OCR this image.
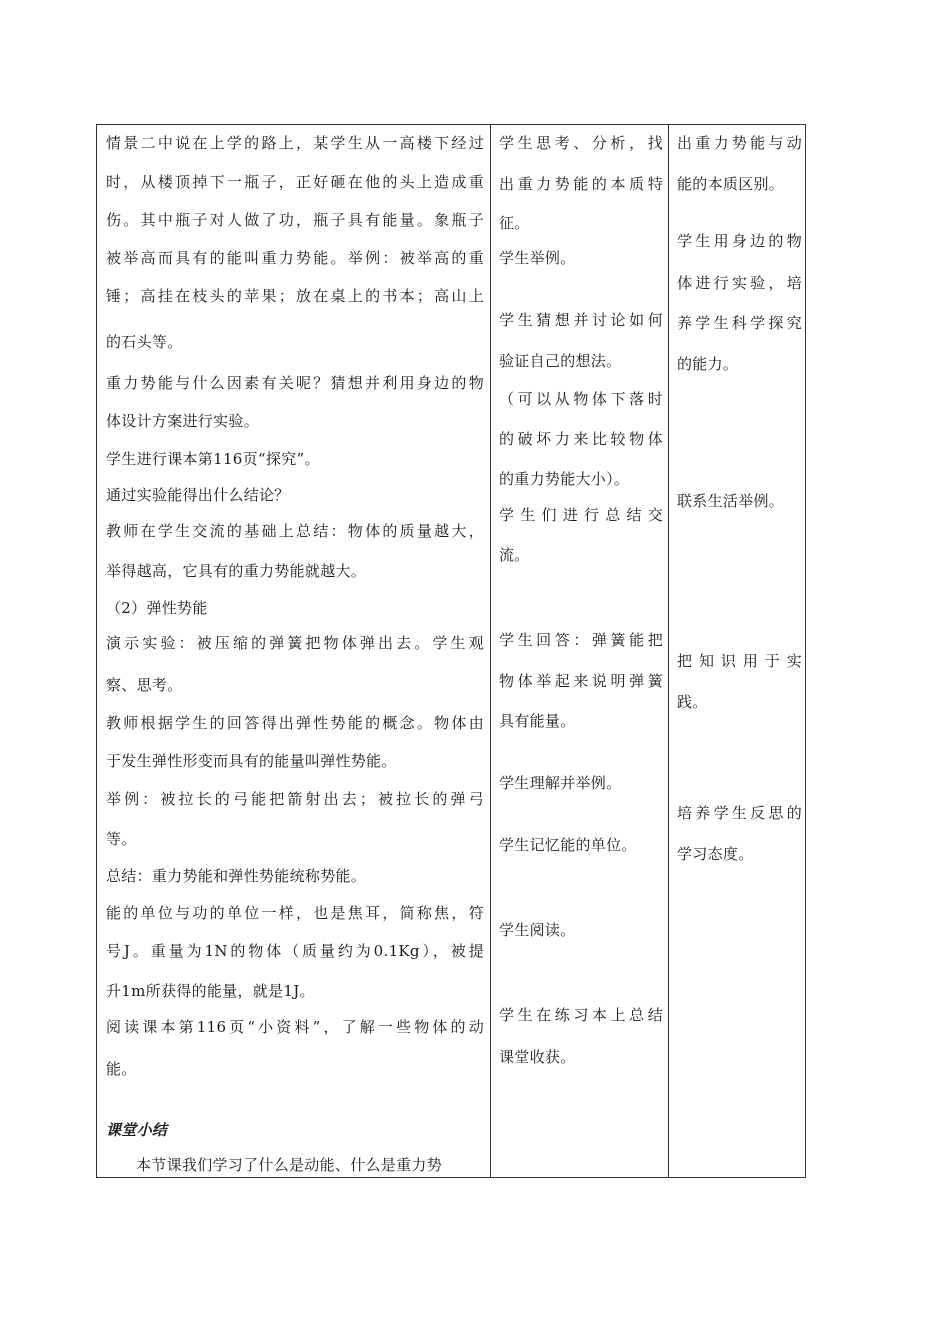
情景二中说在上学的路上，某学生从一高楼下经过

时，从楼顶掉下一瓶子，正好砸在他的头上造成重

伤。其中瓶子对人做了功，瓶子具有能量。象瓶子

被举高而具有的能叫重力势能。举例：被举高的重

锤；高挂在枝头的苹果；放在桌上的书本；高山上

的石头等。

重力势能与什么因素有关呢？猜想并利用身边的物

体设计方案进行实验。

学生进行课本第116页“探究”。

通过实验能得出什么结论？

教师在学生交流的基础上总结：物体的质量越大，

举得越高，它具有的重力势能就越大。

（2）弹性势能

演示实验：被压缩的弹簧把物体弹出去。学生观

察、思考。

教师根据学生的回答得出弹性势能的概念。物体由

于发生弹性形变而具有的能量叫弹性势能。

举例：被拉长的弓能把箭射出去；被拉长的弹弓

等。

总结：重力势能和弹性势能统称势能。

能的单位与功的单位一样，也是焦耳，简称焦，符

号J。重量为1N的物体（质量约为0.1Kg），被提

升1m所获得的能量，就是1J。

阅读课本第116页“小资料”，了解一些物体的动

能。

课堂小结

本节课我们学习了什么是动能、什么是重力势

学生思考、分析，找

出重力势能的本质特

征。

学生举例。

学生猜想并讨论如何

验证自己的想法。

（可以从物体下落时

的破坏力来比较物体

的重力势能大小）。

学生们进行总结交

流。

学生回答：弹簧能把

物体举起来说明弹簧

具有能量。

学生理解并举例。

学生记忆能的单位。

学生阅读。

学生在练习本上总结

课堂收获。

出重力势能与动

能的本质区别。

学生用身边的物

体进行实验，培

养学生科学探究

的能力。

联系生活举例。

把知识用于实

践。

培养学生反思的

学习态度。
